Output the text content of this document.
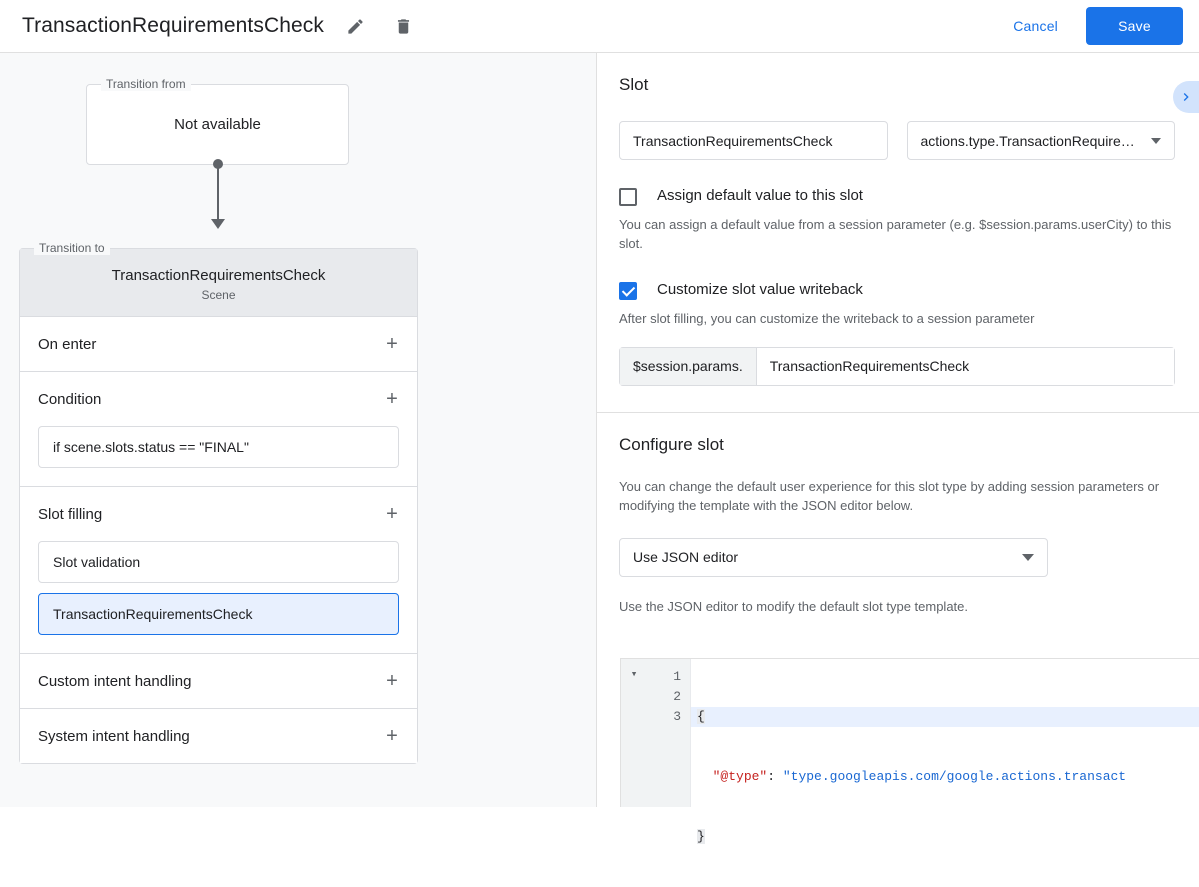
TransactionRequirementsCheck	Cancel	Save
Transition from
Not available
Transition to
TransactionRequirementsCheck
Scene
On enter	+
Condition	+
if scene.slots.status == "FINAL"
Slot filling	+
Slot validation
TransactionRequirementsCheck
Custom intent handling	+
System intent handling	+
Slot
TransactionRequirementsCheck	actions.type.TransactionRequire…
Assign default value to this slot
You can assign a default value from a session parameter (e.g. $session.params.userCity) to this slot.
Customize slot value writeback
After slot filling, you can customize the writeback to a session parameter
$session.params.	TransactionRequirementsCheck
Configure slot
You can change the default user experience for this slot type by adding session parameters or modifying the template with the JSON editor below.
Use JSON editor
Use the JSON editor to modify the default slot type template.
▾	1
2
3

	{

"@type": "type.googleapis.com/google.actions.transact

}
